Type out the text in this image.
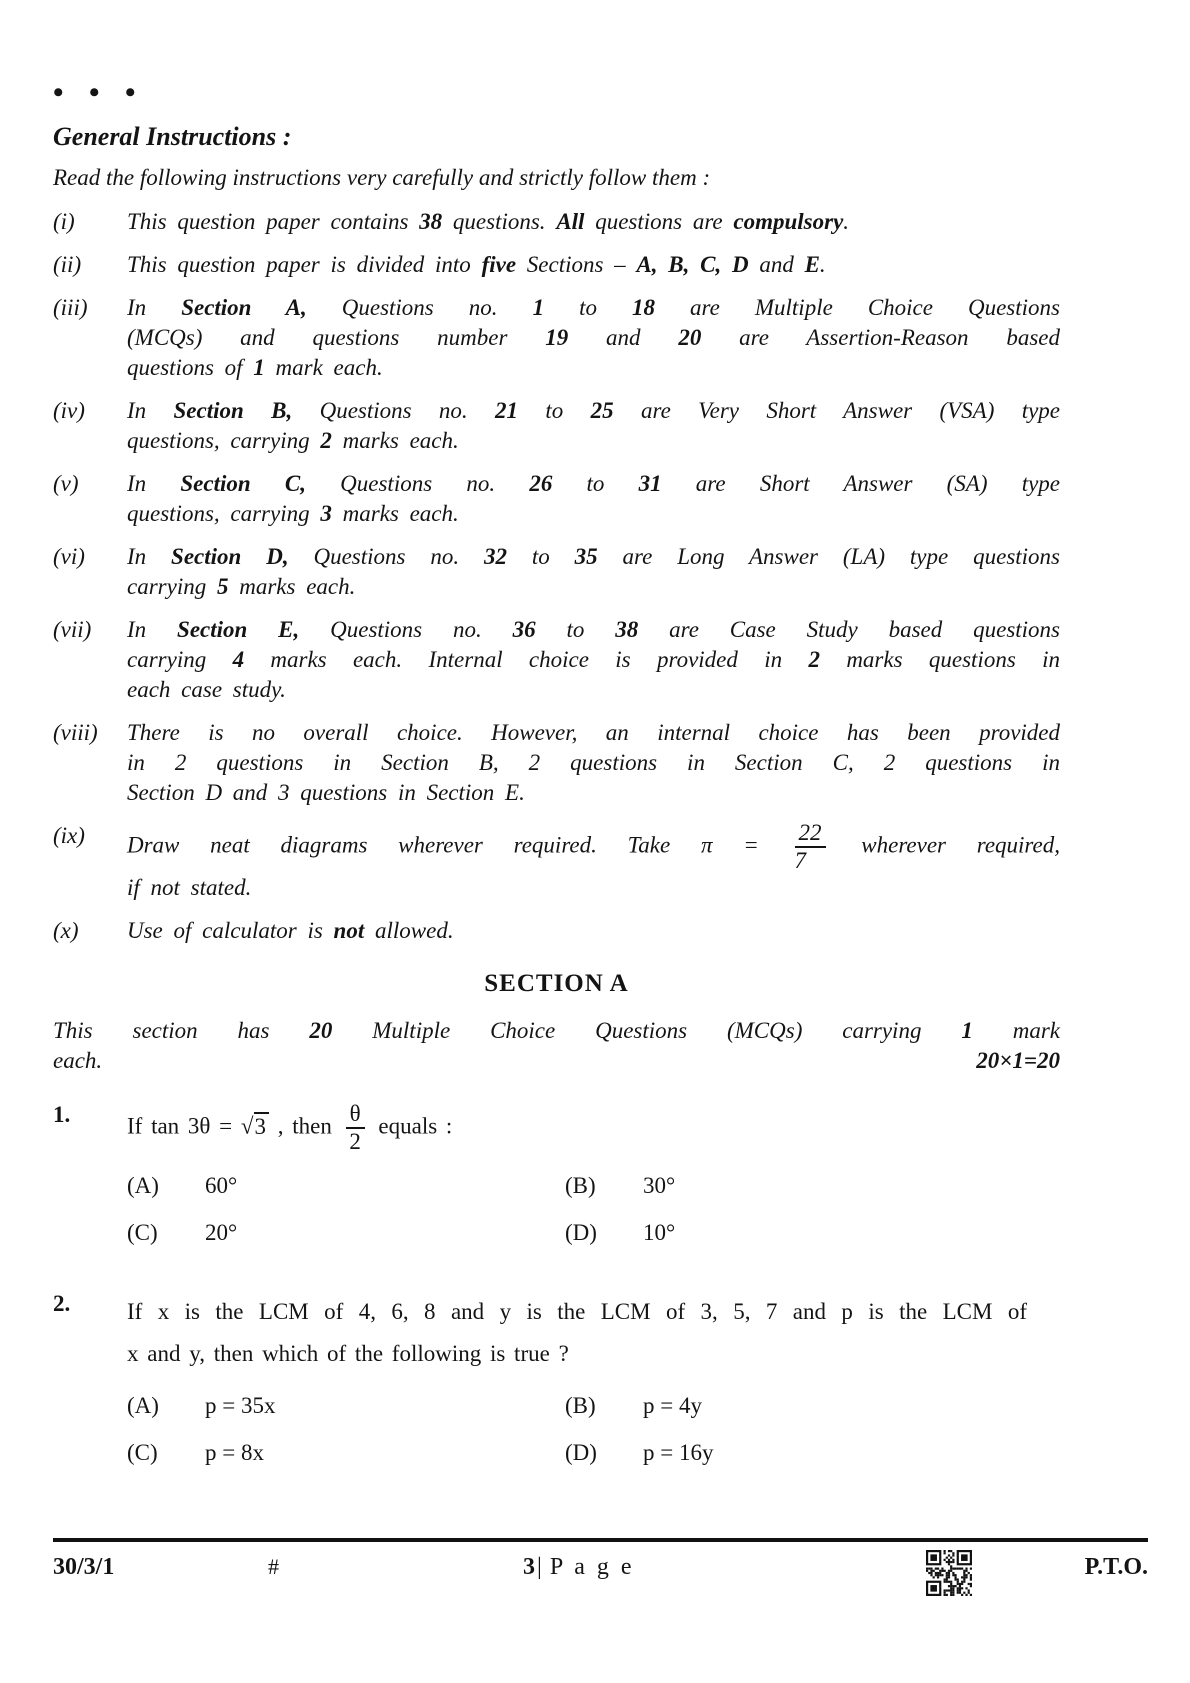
• • •
General Instructions :
Read the following instructions very carefully and strictly follow them :
(i)	This question paper contains 38 questions. All questions are compulsory.
(ii)	This question paper is divided into five Sections – A, B, C, D and E.
(iii)	In Section A, Questions no. 1 to 18 are Multiple Choice Questions
(MCQs) and questions number 19 and 20 are Assertion-Reason based
questions of 1 mark each.
(iv)	In Section B, Questions no. 21 to 25 are Very Short Answer (VSA) type
questions, carrying 2 marks each.
(v)	In Section C, Questions no. 26 to 31 are Short Answer (SA) type
questions, carrying 3 marks each.
(vi)	In Section D, Questions no. 32 to 35 are Long Answer (LA) type questions
carrying 5 marks each.
(vii)	In Section E, Questions no. 36 to 38 are Case Study based questions
carrying 4 marks each. Internal choice is provided in 2 marks questions in
each case study.
(viii)	There is no overall choice. However, an internal choice has been provided
in 2 questions in Section B, 2 questions in Section C, 2 questions in
Section D and 3 questions in Section E.
(ix)	Draw neat diagrams wherever required. Take $\pi = \frac{22}{7}$ wherever required,
if not stated.
(x)	Use of calculator is not allowed.
SECTION A
This section has 20 Multiple Choice Questions (MCQs) carrying 1 mark
each.	20×1=20
1.	If tan 3θ = √3 , then $\frac{\theta}{2}$ equals :
(A)	60°	(B)	30°
(C)	20°	(D)	10°
2.	If x is the LCM of 4, 6, 8 and y is the LCM of 3, 5, 7 and p is the LCM of
x and y, then which of the following is true ?
(A)	p = 35x	(B)	p = 4y
(C)	p = 8x	(D)	p = 16y
30/3/1	#	3| P a g e	P.T.O.
